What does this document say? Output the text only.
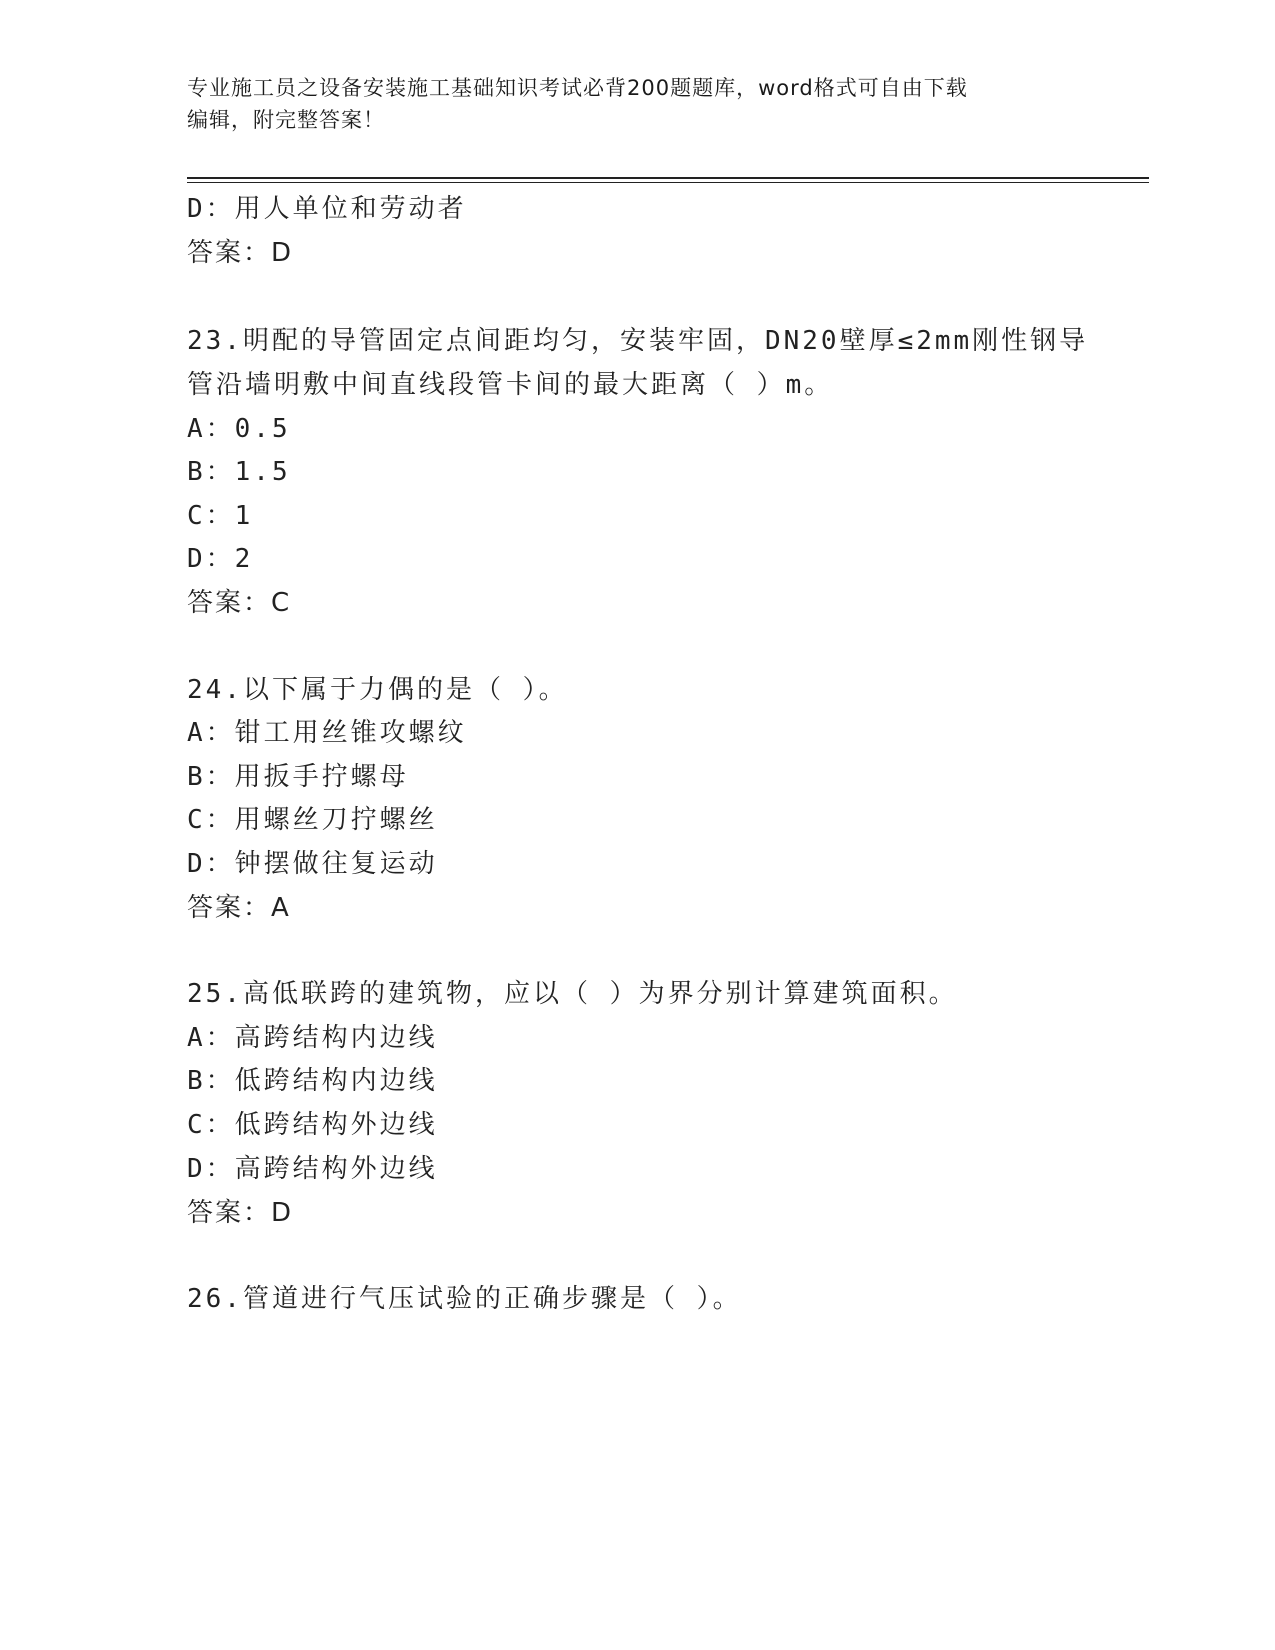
专业施工员之设备安装施工基础知识考试必背200题题库，word格式可自由下载
编辑，附完整答案！
D：用人单位和劳动者
答案：D
23.明配的导管固定点间距均匀，安装牢固，DN20壁厚≤2mm刚性钢导
管沿墙明敷中间直线段管卡间的最大距离（ ）m。
A：0.5
B：1.5
C：1
D：2
答案：C
24.以下属于力偶的是（ ）。
A：钳工用丝锥攻螺纹
B：用扳手拧螺母
C：用螺丝刀拧螺丝
D：钟摆做往复运动
答案：A
25.高低联跨的建筑物，应以（ ）为界分别计算建筑面积。
A：高跨结构内边线
B：低跨结构内边线
C：低跨结构外边线
D：高跨结构外边线
答案：D
26.管道进行气压试验的正确步骤是（ ）。
